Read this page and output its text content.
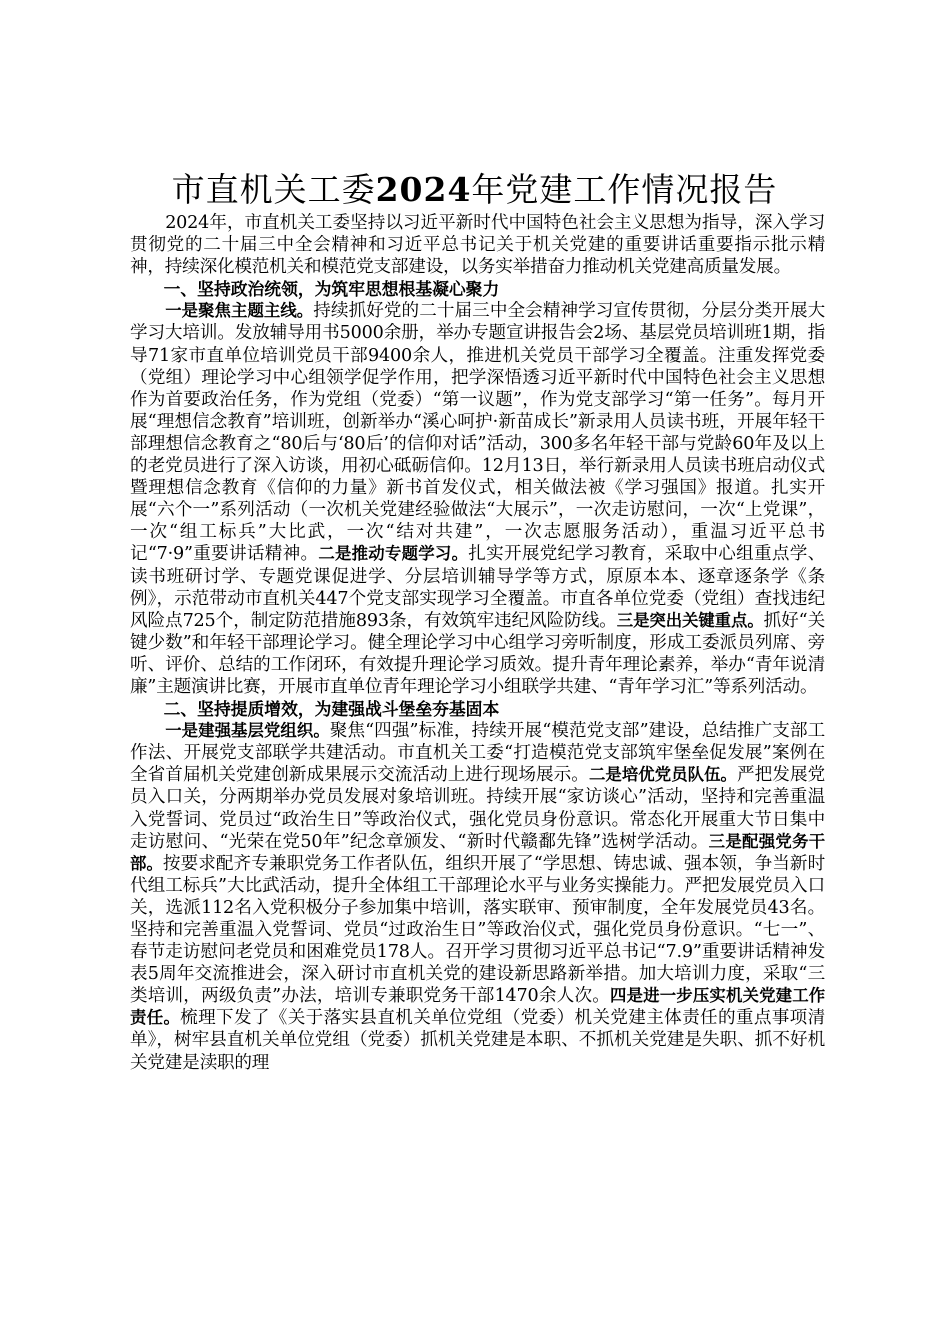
市直机关工委2024年党建工作情况报告

2024年，市直机关工委坚持以习近平新时代中国特色社会主义思想为指导，深入学习贯彻党的二十届三中全会精神和习近平总书记关于机关党建的重要讲话重要指示批示精神，持续深化模范机关和模范党支部建设，以务实举措奋力推动机关党建高质量发展。

一、坚持政治统领，为筑牢思想根基凝心聚力

一是聚焦主题主线。持续抓好党的二十届三中全会精神学习宣传贯彻，分层分类开展大学习大培训。发放辅导用书5000余册，举办专题宣讲报告会2场、基层党员培训班1期，指导71家市直单位培训党员干部9400余人，推进机关党员干部学习全覆盖。注重发挥党委（党组）理论学习中心组领学促学作用，把学深悟透习近平新时代中国特色社会主义思想作为首要政治任务，作为党组（党委）“第一议题”，作为党支部学习“第一任务”。每月开展“理想信念教育”培训班，创新举办“溪心呵护·新苗成长”新录用人员读书班，开展年轻干部理想信念教育之“80后与‘80后’的信仰对话”活动，300多名年轻干部与党龄60年及以上的老党员进行了深入访谈，用初心砥砺信仰。12月13日，举行新录用人员读书班启动仪式暨理想信念教育《信仰的力量》新书首发仪式，相关做法被《学习强国》报道。扎实开展“六个一”系列活动（一次机关党建经验做法“大展示”，一次走访慰问，一次“上党课”，一次“组工标兵”大比武，一次“结对共建”，一次志愿服务活动），重温习近平总书记“7·9”重要讲话精神。二是推动专题学习。扎实开展党纪学习教育，采取中心组重点学、读书班研讨学、专题党课促进学、分层培训辅导学等方式，原原本本、逐章逐条学《条例》，示范带动市直机关447个党支部实现学习全覆盖。市直各单位党委（党组）查找违纪风险点725个，制定防范措施893条，有效筑牢违纪风险防线。三是突出关键重点。抓好“关键少数”和年轻干部理论学习。健全理论学习中心组学习旁听制度，形成工委派员列席、旁听、评价、总结的工作闭环，有效提升理论学习质效。提升青年理论素养，举办“青年说清廉”主题演讲比赛，开展市直单位青年理论学习小组联学共建、“青年学习汇”等系列活动。

二、坚持提质增效，为建强战斗堡垒夯基固本

一是建强基层党组织。聚焦“四强”标准，持续开展“模范党支部”建设，总结推广支部工作法、开展党支部联学共建活动。市直机关工委“打造模范党支部筑牢堡垒促发展”案例在全省首届机关党建创新成果展示交流活动上进行现场展示。二是培优党员队伍。严把发展党员入口关，分两期举办党员发展对象培训班。持续开展“家访谈心”活动，坚持和完善重温入党誓词、党员过“政治生日”等政治仪式，强化党员身份意识。常态化开展重大节日集中走访慰问、“光荣在党50年”纪念章颁发、“新时代赣鄱先锋”选树学活动。三是配强党务干部。按要求配齐专兼职党务工作者队伍，组织开展了“学思想、铸忠诚、强本领，争当新时代组工标兵”大比武活动，提升全体组工干部理论水平与业务实操能力。严把发展党员入口关，选派112名入党积极分子参加集中培训，落实联审、预审制度，全年发展党员43名。坚持和完善重温入党誓词、党员“过政治生日”等政治仪式，强化党员身份意识。“七一”、春节走访慰问老党员和困难党员178人。召开学习贯彻习近平总书记“7.9”重要讲话精神发表5周年交流推进会，深入研讨市直机关党的建设新思路新举措。加大培训力度，采取“三类培训，两级负责”办法，培训专兼职党务干部1470余人次。四是进一步压实机关党建工作责任。梳理下发了《关于落实县直机关单位党组（党委）机关党建主体责任的重点事项清单》，树牢县直机关单位党组（党委）抓机关党建是本职、不抓机关党建是失职、抓不好机关党建是渎职的理
